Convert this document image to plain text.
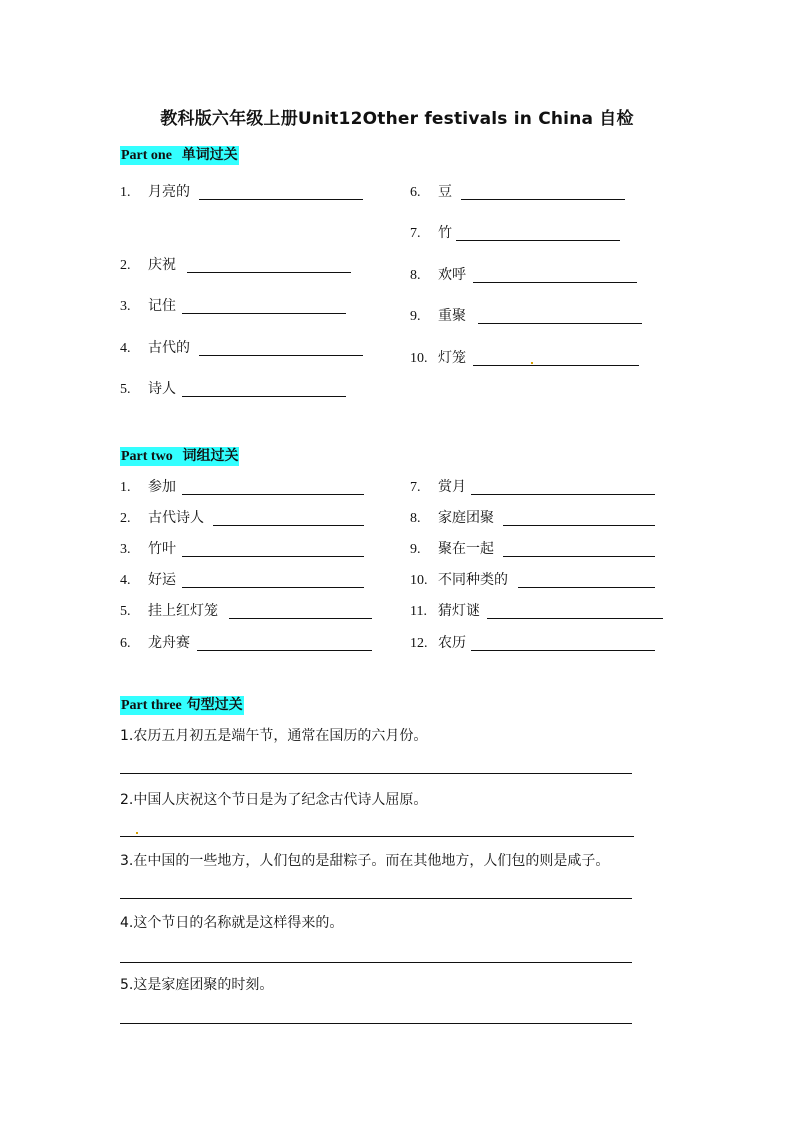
教科版六年级上册Unit12Other festivals in China 自检
Part one 单词过关
1. 月亮的
2. 庆祝
3. 记住
4. 古代的
5. 诗人
6. 豆
7. 竹
8. 欢呼
9. 重聚
10. 灯笼
Part two 词组过关
1. 参加
2. 古代诗人
3. 竹叶
4. 好运
5. 挂上红灯笼
6. 龙舟赛
7. 赏月
8. 家庭团聚
9. 聚在一起
10. 不同种类的
11. 猜灯谜
12. 农历
Part three 句型过关
1.农历五月初五是端午节，通常在国历的六月份。
2.中国人庆祝这个节日是为了纪念古代诗人屈原。
3.在中国的一些地方，人们包的是甜粽子。而在其他地方，人们包的则是咸子。
4.这个节日的名称就是这样得来的。
5.这是家庭团聚的时刻。
